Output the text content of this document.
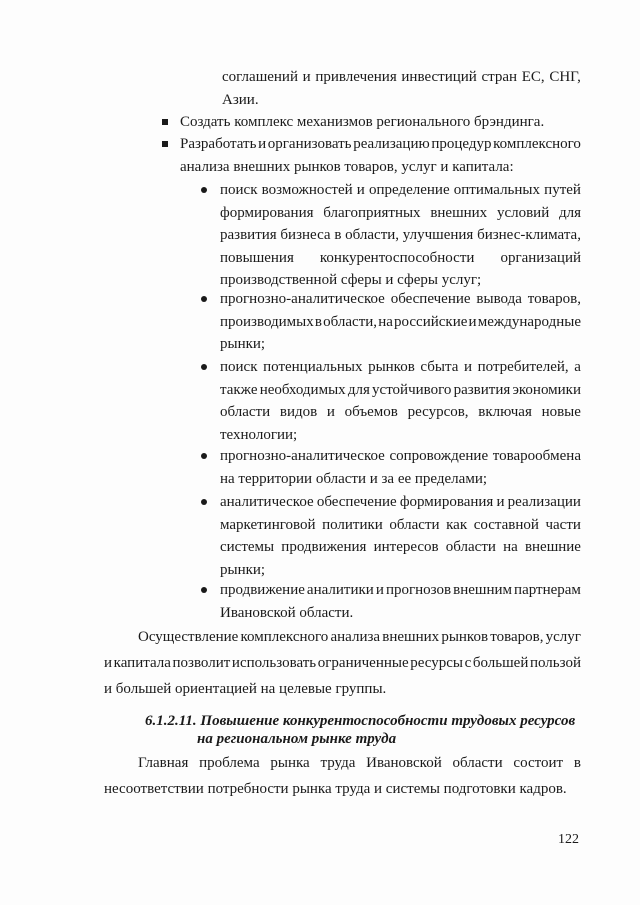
соглашений и привлечения инвестиций стран ЕС, СНГ,
Азии.
Создать комплекс механизмов регионального брэндинга.
Разработать и организовать реализацию процедур комплексного
анализа внешних рынков товаров, услуг и капитала:
поиск возможностей и определение оптимальных путей
формирования благоприятных внешних условий для
развития бизнеса в области, улучшения бизнес-климата,
повышения конкурентоспособности организаций
производственной сферы и сферы услуг;
прогнозно-аналитическое обеспечение вывода товаров,
производимых в области, на российские и международные
рынки;
поиск потенциальных рынков сбыта и потребителей, а
также необходимых для устойчивого развития экономики
области видов и объемов ресурсов, включая новые
технологии;
прогнозно-аналитическое сопровождение товарообмена
на территории области и за ее пределами;
аналитическое обеспечение формирования и реализации
маркетинговой политики области как составной части
системы продвижения интересов области на внешние
рынки;
продвижение аналитики и прогнозов внешним партнерам
Ивановской области.
Осуществление комплексного анализа внешних рынков товаров, услуг
и капитала позволит использовать ограниченные ресурсы с большей пользой
и большей ориентацией на целевые группы.
6.1.2.11. Повышение конкурентоспособности трудовых ресурсов
на региональном рынке труда
Главная проблема рынка труда Ивановской области состоит в
несоответствии потребности рынка труда и системы подготовки кадров.
122
